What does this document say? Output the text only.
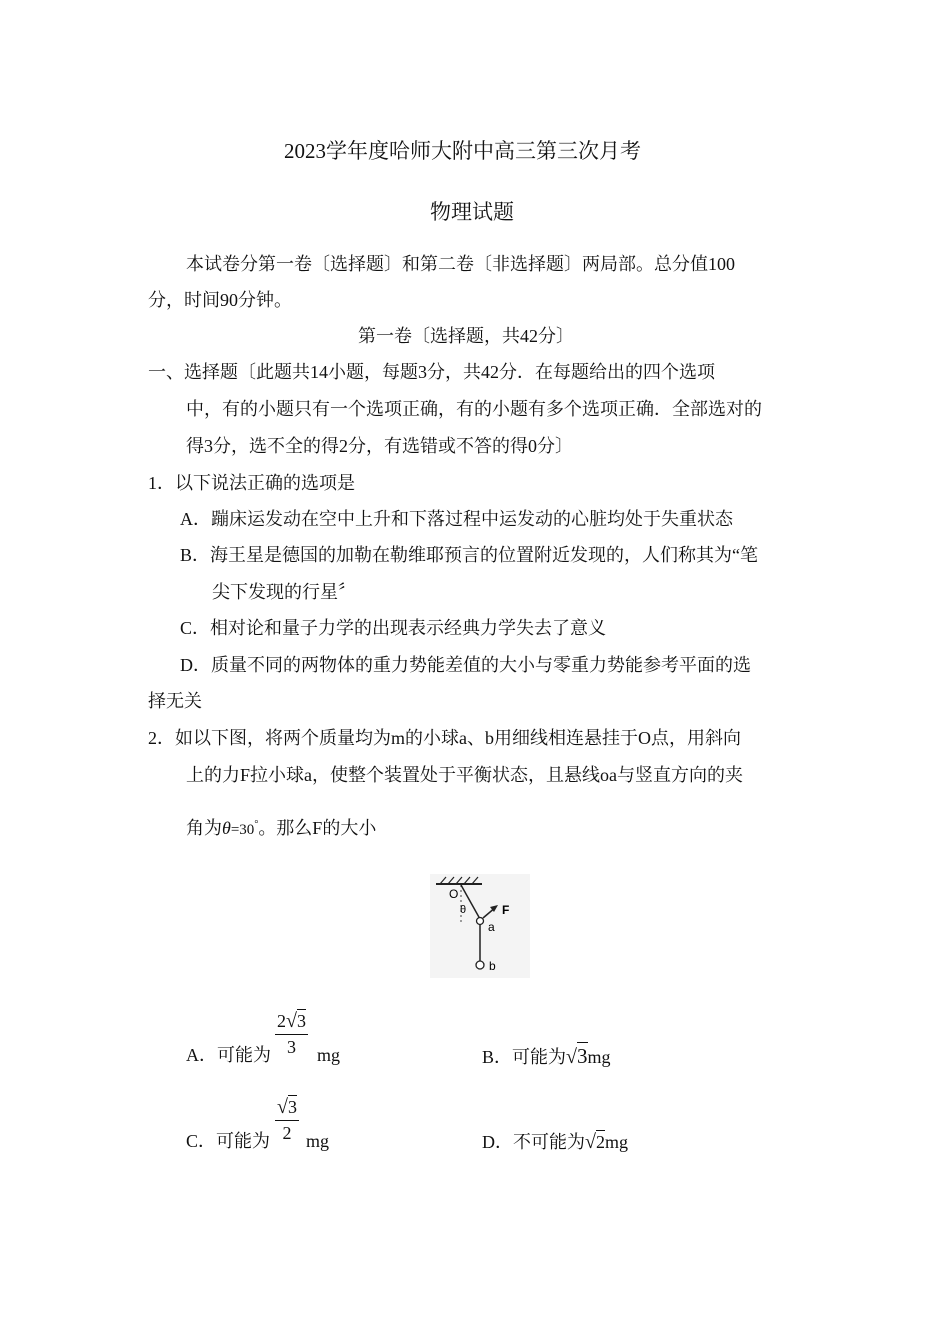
2023学年度哈师大附中高三第三次月考
物理试题
本试卷分第一卷〔选择题〕和第二卷〔非选择题〕两局部。总分值100
分，时间90分钟。
第一卷〔选择题，共42分〕
一、选择题〔此题共14小题，每题3分，共42分．在每题给出的四个选项
中，有的小题只有一个选项正确，有的小题有多个选项正确．全部选对的
得3分，选不全的得2分，有选错或不答的得0分〕
1．以下说法正确的选项是
A．蹦床运发动在空中上升和下落过程中运发动的心脏均处于失重状态
B．海王星是德国的加勒在勒维耶预言的位置附近发现的，人们称其为“笔
尖下发现的行星〞
C．相对论和量子力学的出现表示经典力学失去了意义
D．质量不同的两物体的重力势能差值的大小与零重力势能参考平面的选
择无关
2．如以下图，将两个质量均为m的小球a、b用细线相连悬挂于O点，用斜向
上的力F拉小球a，使整个装置处于平衡状态，且悬线oa与竖直方向的夹
角为θ=30°。那么F的大小
O
θ	F
a
b
A．可能为 $\frac{2√3}{3}$ mg	B．可能为√3mg
C．可能为 $\frac{√3}{2}$ mg	D．不可能为√2mg
